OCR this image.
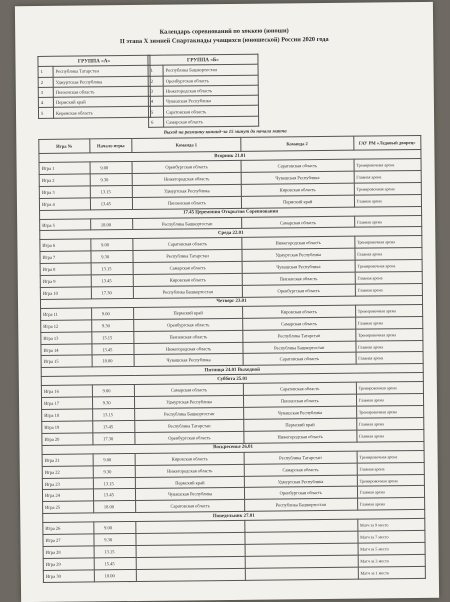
Календарь соревнований по хоккею (юноши)
II этапа X зимней Спартакиады учащихся (юношеской) России 2020 года
ГРУППА «А»	
1	Республика Татарстан
2	Удмуртская Республика
3	Пензенская область
4	Пермский край
5	Кировская область
ГРУППА «Б»	
1	Республика Башкортостан
2	Оренбургская область
3	Нижегородская область
4	Чувашская Республика
5	Саратовская область
6	Самарская область
Выход на разминку команд–за 15 минут до начала матча
Игра №	Начало игры	Команда 1	Команда 2	ГАУ РМ «Ледовый дворец»
Вторник 21.01				
Игра 1	9.00	Оренбургская область	Саратовская область	Тренировочная арена
Игра 2	9.30	Нижегородская область	Чувашская Республика	Главная арена
Игра 3	13.15	Удмуртская Республика	Кировская область	Тренировочная арена
Игра 4	13.45	Пензенская область	Пермский край	Главная арена
17.45 Церемония Открытия Соревнования				
Игра 5	18.00	Республика Башкортостан	Самарская область	Главная арена
Среда 22.01				
Игра 6	9.00	Саратовская область	Нижегородская область	Тренировочная арена
Игра 7	9.30	Республика Татарстан	Удмуртская Республика	Главная арена
Игра 8	13.15	Самарская область	Чувашская Республика	Тренировочная арена
Игра 9	13.45	Кировская область	Пензенская область	Главная арена
Игра 10	17.30	Республика Башкортостан	Оренбургская область	Главная арена
Четверг 23.01				
Игра 11	9.00	Пермский край	Кировская область	Тренировочная арена
Игра 12	9.30	Оренбургская область	Самарская область	Главная арена
Игра 13	13.15	Пензенская область	Республика Татарстан	Тренировочная арена
Игра 14	13.45	Нижегородская область	Республика Башкортостан	Главная арена
Игра 15	18.00	Чувашская Республика	Саратовская область	Главная арена
Пятница 24.01 Выходной				
Суббота 25.01				
Игра 16	9.00	Самарская область	Саратовская область	Тренировочная арена
Игра 17	9.30	Удмуртская Республика	Пензенская область	Главная арена
Игра 18	13.15	Республика Башкортостан	Чувашская Республика	Тренировочная арена
Игра 19	13.45	Республика Татарстан	Пермский край	Главная арена
Игра 20	17.30	Оренбургская область	Нижегородская область	Главная арена
Воскресенье 26.01				
Игра 21	9.00	Кировская область	Республика Татарстан	Тренировочная арена
Игра 22	9.30	Нижегородская область	Самарская область	Главная арена
Игра 23	13.15	Пермский край	Удмуртская Республика	Тренировочная арена
Игра 24	13.45	Чувашская Республика	Оренбургская область	Главная арена
Игра 25	18.00	Саратовская область	Республика Башкортостан	Главная арена
Понедельник 27.01				
Игра 26	9.00			Матч за 9 место
Игра 27	9.30			Матч за 7 место
Игра 28	13.15			Матч за 5 место
Игра 29	15.45			Матч за 3 место
Игра 30	18.00			Матч за 1 место
